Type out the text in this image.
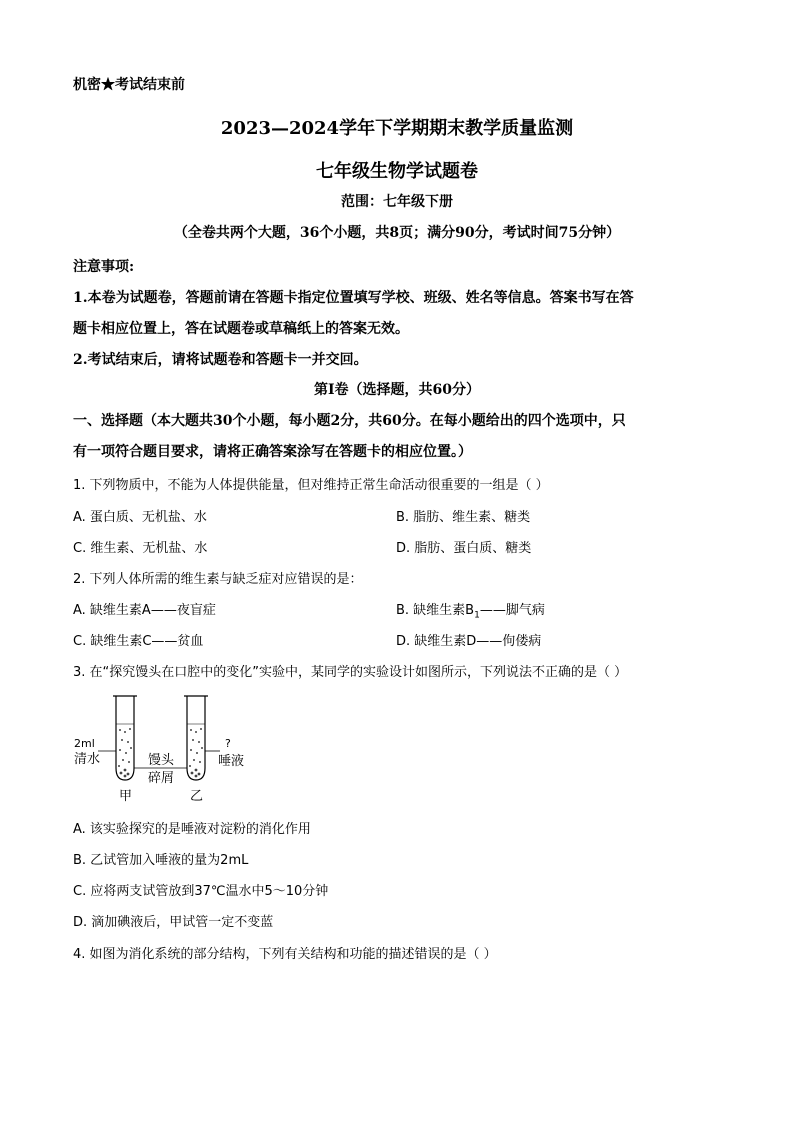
机密★考试结束前
2023—2024学年下学期期末教学质量监测
七年级生物学试题卷
范围：七年级下册
（全卷共两个大题，36个小题，共8页；满分90分，考试时间75分钟）
注意事项:
1.本卷为试题卷，答题前请在答题卡指定位置填写学校、班级、姓名等信息。答案书写在答
题卡相应位置上，答在试题卷或草稿纸上的答案无效。
2.考试结束后，请将试题卷和答题卡一并交回。
第Ⅰ卷（选择题，共60分）
一、选择题（本大题共30个小题，每小题2分，共60分。在每小题给出的四个选项中，只
有一项符合题目要求，请将正确答案涂写在答题卡的相应位置。）
1. 下列物质中，不能为人体提供能量，但对维持正常生命活动很重要的一组是（ ）
A. 蛋白质、无机盐、水	B. 脂肪、维生素、糖类
C. 维生素、无机盐、水	D. 脂肪、蛋白质、糖类
2. 下列人体所需的维生素与缺乏症对应错误的是：
A. 缺维生素A——夜盲症	B. 缺维生素$B_1——$脚气病
C. 缺维生素C——贫血	D. 缺维生素D——佝偻病
3. 在“探究馒头在口腔中的变化”实验中，某同学的实验设计如图所示，下列说法不正确的是（ ）
2ml
清水	馒头
碎屑
?
唾液
甲	乙
A. 该实验探究的是唾液对淀粉的消化作用
B. 乙试管加入唾液的量为2mL
C. 应将两支试管放到37℃温水中5～10分钟
D. 滴加碘液后，甲试管一定不变蓝
4. 如图为消化系统的部分结构，下列有关结构和功能的描述错误的是（ ）
